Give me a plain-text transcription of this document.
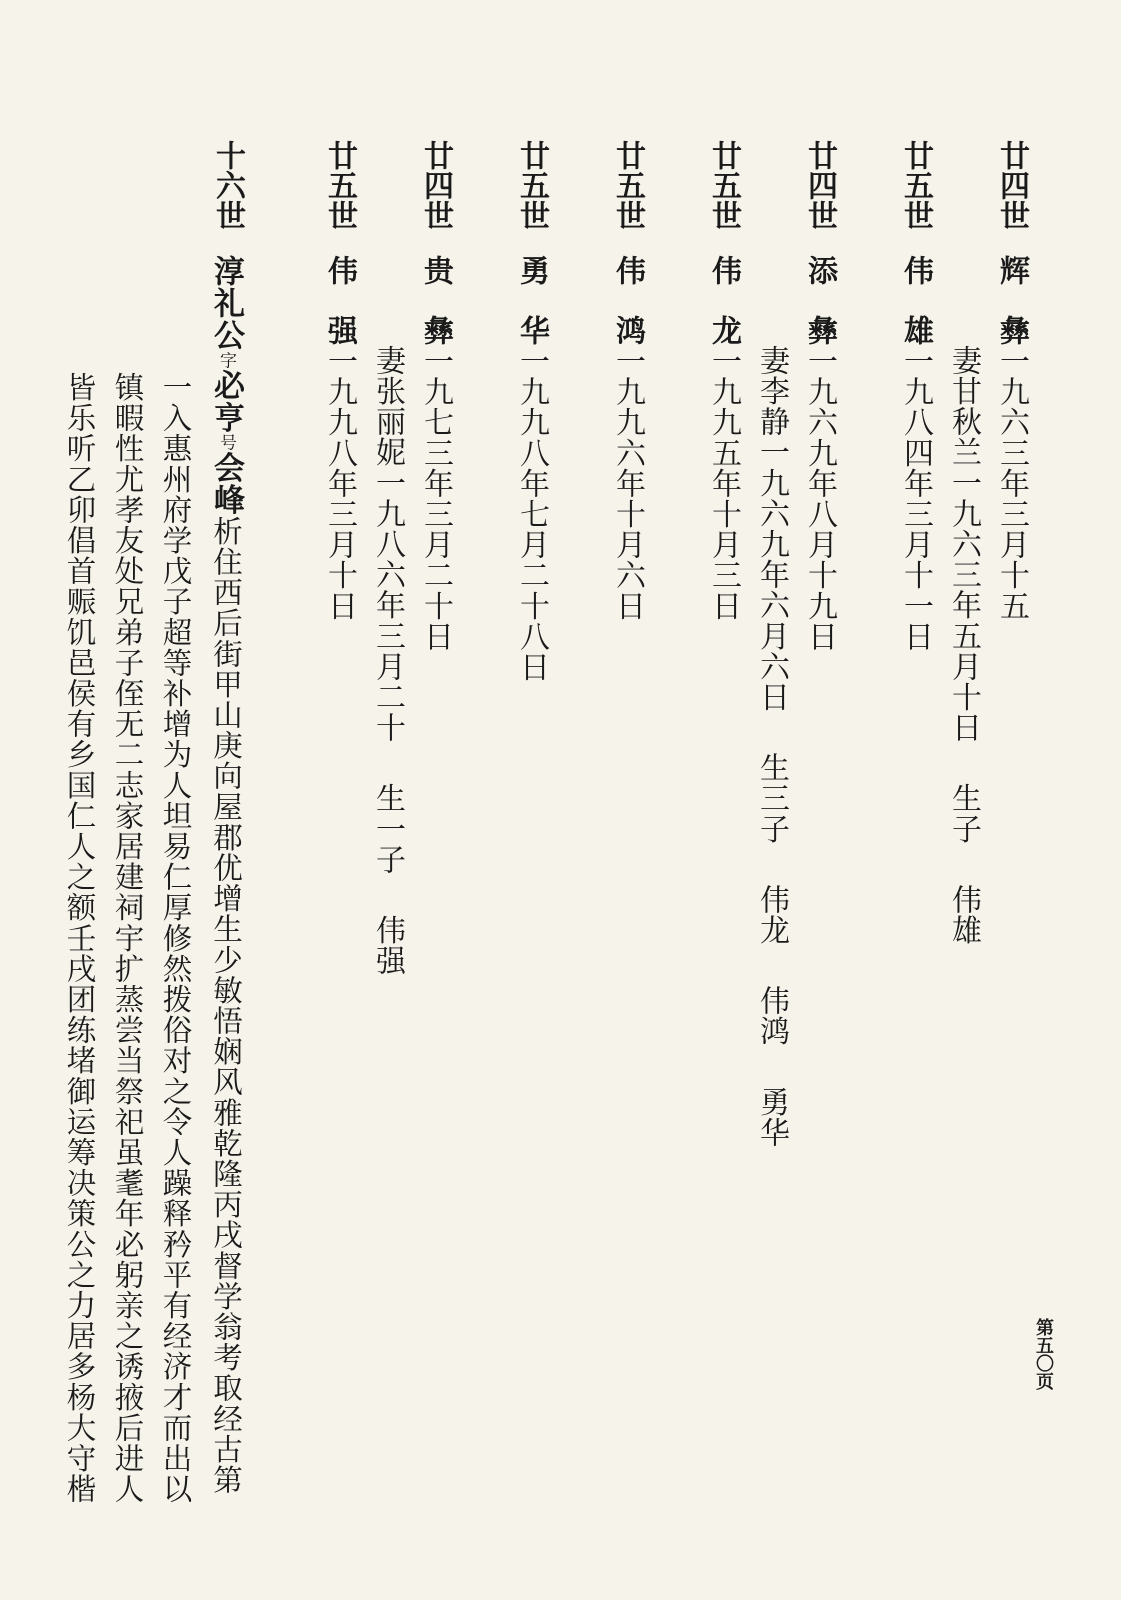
廿四世
辉
彝一九六三年三月十五
妻甘秋兰一九六三年五月十日生子伟雄
廿五世
伟
雄一九八四年三月十一日
廿四世
添
彝一九六九年八月十九日
妻李静一九六九年六月六日生三子伟龙伟鸿勇华
廿五世
伟
龙一九九五年十月三日
廿五世
伟
鸿一九九六年十月六日
廿五世
勇
华一九九八年七月二十八日
廿四世
贵
彝一九七三年三月二十日
妻张丽妮一九八六年三月二十生一子伟强
廿五世
伟
强一九九八年三月十日
十六世
淳礼公字必亨号会峰析住西后街甲山庚向屋郡优增生少敏悟娴风雅乾隆丙戌督学翁考取经古第
一入惠州府学戊子超等补增为人坦易仁厚修然拨俗对之令人躁释矜平有经济才而出以
镇暇性尤孝友处兄弟子侄无二志家居建祠宇扩蒸尝当祭祀虽耄年必躬亲之诱掖后进人
皆乐听乙卯倡首赈饥邑侯有乡国仁人之额壬戌团练堵御运筹决策公之力居多杨大守楷	第五〇页
